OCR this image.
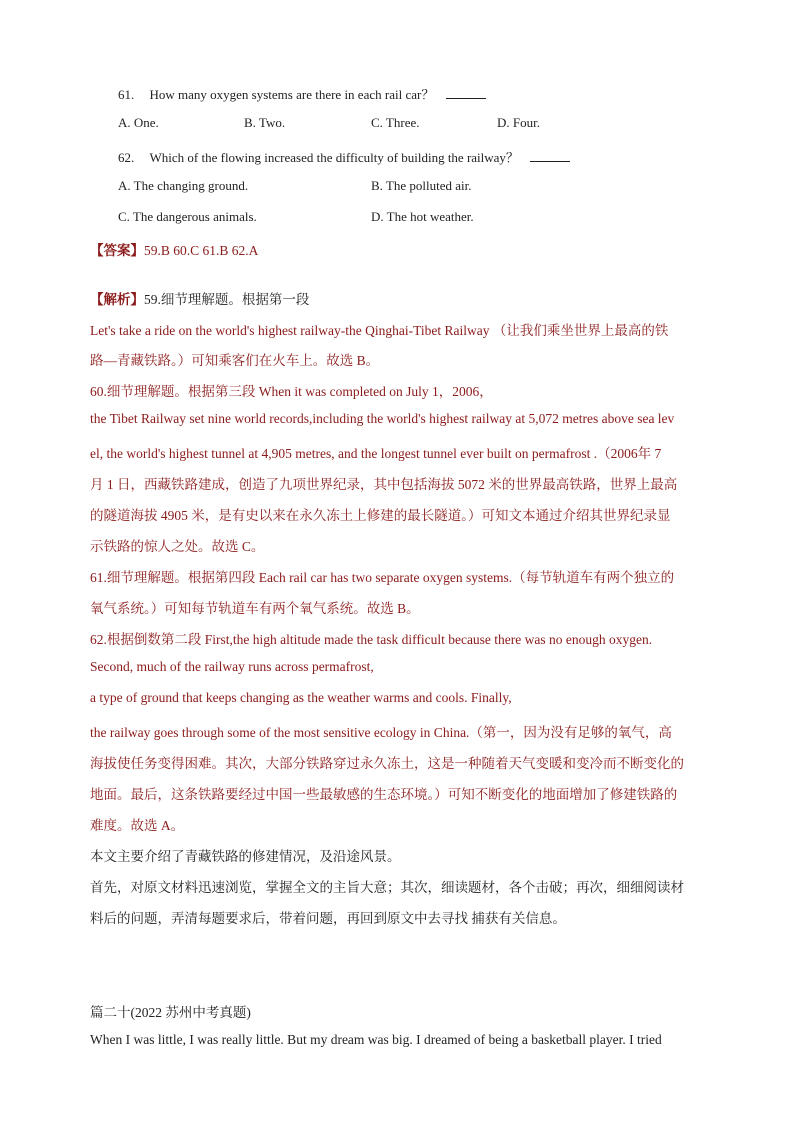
61. How many oxygen systems are there in each rail car？
A. One.	B. Two.	C. Three.	D. Four.
62. Which of the flowing increased the difficulty of building the railway？
A. The changing ground.	B. The polluted air.
C. The dangerous animals.	D. The hot weather.
【答案】59.B 60.C 61.B 62.A
【解析】59.细节理解题。根据第一段
Let's take a ride on the world's highest railway-the Qinghai-Tibet Railway （让我们乘坐世界上最高的铁
路—青藏铁路。）可知乘客们在火车上。故选 B。
60.细节理解题。根据第三段 When it was completed on July 1，2006，
the Tibet Railway set nine world records,including the world's highest railway at 5,072 metres above sea lev
el, the world's highest tunnel at 4,905 metres, and the longest tunnel ever built on permafrost .（2006年 7
月 1 日，西藏铁路建成，创造了九项世界纪录，其中包括海拔 5072 米的世界最高铁路，世界上最高
的隧道海拔 4905 米，是有史以来在永久冻土上修建的最长隧道。）可知文本通过介绍其世界纪录显
示铁路的惊人之处。故选 C。
61.细节理解题。根据第四段 Each rail car has two separate oxygen systems.（每节轨道车有两个独立的
氧气系统。）可知每节轨道车有两个氧气系统。故选 B。
62.根据倒数第二段 First,the high altitude made the task difficult because there was no enough oxygen.
Second, much of the railway runs across permafrost,
a type of ground that keeps changing as the weather warms and cools. Finally,
the railway goes through some of the most sensitive ecology in China.（第一，因为没有足够的氧气，高
海拔使任务变得困难。其次，大部分铁路穿过永久冻土，这是一种随着天气变暖和变冷而不断变化的
地面。最后，这条铁路要经过中国一些最敏感的生态环境。）可知不断变化的地面增加了修建铁路的
难度。故选 A。
本文主要介绍了青藏铁路的修建情况，及沿途风景。
首先，对原文材料迅速浏览，掌握全文的主旨大意；其次，细读题材，各个击破；再次，细细阅读材
料后的问题，弄清每题要求后，带着问题，再回到原文中去寻找 捕获有关信息。
篇二十(2022 苏州中考真题)
When I was little, I was really little. But my dream was big. I dreamed of being a basketball player. I tried
